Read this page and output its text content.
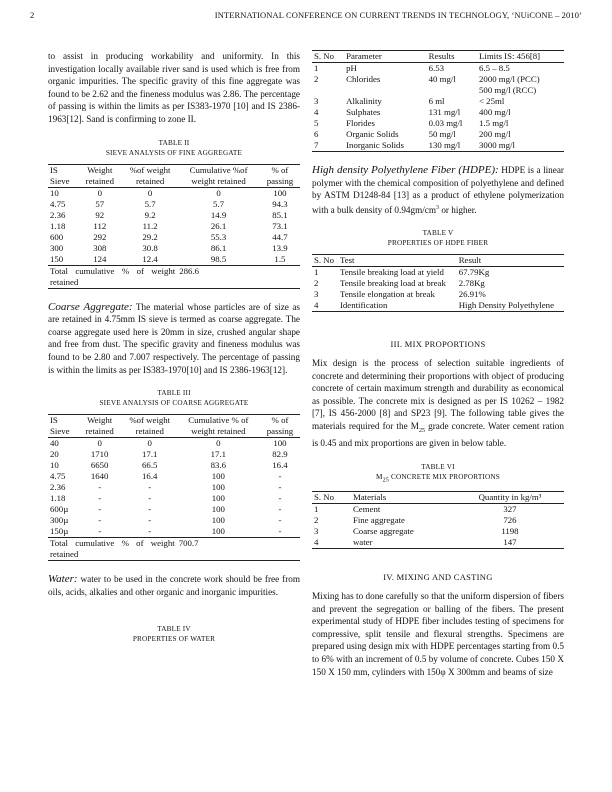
2	INTERNATIONAL CONFERENCE ON CURRENT TRENDS IN TECHNOLOGY, ‘NUiCONE – 2010’

to assist in producing workability and uniformity. In this investigation locally available river sand is used which is free from organic impurities. The specific gravity of this fine aggregate was found to be 2.62 and the fineness modulus was 2.86. The percentage of passing is within the limits as per IS383-1970 [10] and IS 2386-1963[12]. Sand is confirming to zone II.

TABLE II
SIEVE ANALYSIS OF FINE AGGREGATE
IS Sieve	Weight retained	%of weight retained	Cumulative %of weight retained	% of passing
10	0	0	0	100
4.75	57	5.7	5.7	94.3
2.36	92	9.2	14.9	85.1
1.18	112	11.2	26.1	73.1
600	292	29.2	55.3	44.7
300	308	30.8	86.1	13.9
150	124	12.4	98.5	1.5
Total cumulative % of weight retained			286.6	

Coarse Aggregate: The material whose particles are of size as are retained in 4.75mm IS sieve is termed as coarse aggregate. The coarse aggregate used here is 20mm in size, crushed angular shape and free from dust. The specific gravity and fineness modulus was found to be 2.80 and 7.007 respectively. The percentage of passing is within the limits as per IS383-1970[10] and IS 2386-1963[12].

TABLE III
SIEVE ANALYSIS OF COARSE AGGREGATE
IS Sieve	Weight retained	%of weight retained	Cumulative % of weight retained	% of passing
40	0	0	0	100
20	1710	17.1	17.1	82.9
10	6650	66.5	83.6	16.4
4.75	1640	16.4	100	-
2.36	-	-	100	-
1.18	-	-	100	-
600µ	-	-	100	-
300µ	-	-	100	-
150µ	-	-	100	-
Total cumulative % of weight retained			700.7	

Water: water to be used in the concrete work should be free from oils, acids, alkalies and other organic and inorganic impurities.

TABLE IV
PROPERTIES OF WATER
S. No	Parameter	Results	Limits IS: 456[8]
1	pH	6.53	6.5 – 8.5
2	Chlorides	40 mg/l	2000 mg/l (PCC)
500 mg/l (RCC)
3	Alkalinity	6 ml	< 25ml
4	Sulphates	131 mg/l	400 mg/l
5	Florides	0.03 mg/l	1.5 mg/l
6	Organic Solids	50 mg/l	200 mg/l
7	Inorganic Solids	130 mg/l	3000 mg/l

High density Polyethylene Fiber (HDPE): HDPE is a linear polymer with the chemical composition of polyethylene and defined by ASTM D1248-84 [13] as a product of ethylene polymerization with a bulk density of $0.94gm/cm^3$ or higher.

TABLE V
PROPERTIES OF HDPE FIBER
S. No	Test	Result
1	Tensile breaking load at yield	67.79Kg
2	Tensile breaking load at break	2.78Kg
3	Tensile elongation at break	26.91%
4	Identification	High Density Polyethylene
III. MIX PROPORTIONS

Mix design is the process of selection suitable ingredients of concrete and determining their proportions with object of producing concrete of certain maximum strength and durability as economical as possible. The concrete mix is designed as per IS 10262 – 1982 [7], IS 456-2000 [8] and SP23 [9]. The following table gives the materials required for the $M_{25}$ grade concrete. Water cement ration is 0.45 and mix proportions are given in below table.

TABLE VI
$M_{25}$ CONCRETE MIX PROPORTIONS
S. No	Materials	Quantity in kg/m³
1	Cement	327
2	Fine aggregate	726
3	Coarse aggregate	1198
4	water	147
IV. MIXING AND CASTING

Mixing has to done carefully so that the uniform dispersion of fibers and prevent the segregation or balling of the fibers. The present experimental study of HDPE fiber includes testing of specimens for compressive, split tensile and flexural strengths. Specimens are prepared using design mix with HDPE percentages starting from 0.5 to 6% with an increment of 0.5 by volume of concrete. Cubes 150 X 150 X 150 mm, cylinders with 150φ X 300mm and beams of size
